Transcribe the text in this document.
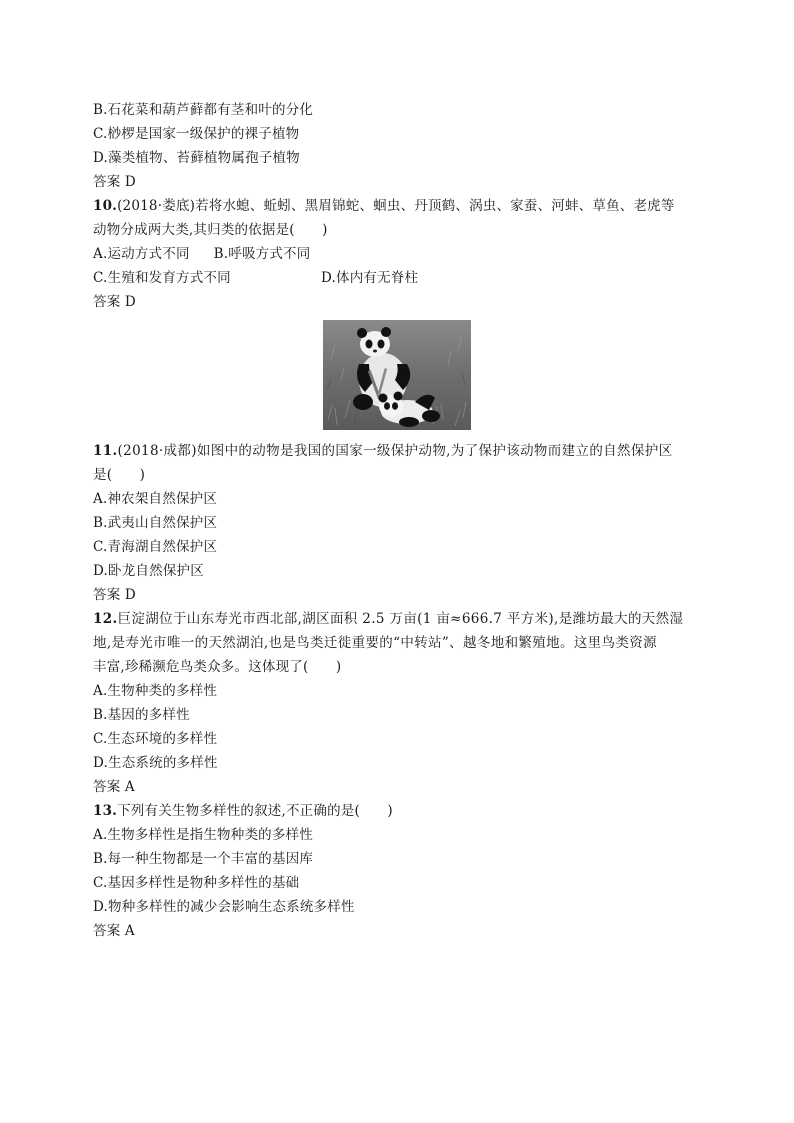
B.石花菜和葫芦藓都有茎和叶的分化
C.桫椤是国家一级保护的裸子植物
D.藻类植物、苔藓植物属孢子植物
答案 D
10.(2018·娄底)若将水螅、蚯蚓、黑眉锦蛇、蛔虫、丹顶鹤、涡虫、家蚕、河蚌、草鱼、老虎等
动物分成两大类,其归类的依据是(　　)
A.运动方式不同 B.呼吸方式不同
C.生殖和发育方式不同	D.体内有无脊柱
答案 D
11.(2018·成都)如图中的动物是我国的国家一级保护动物,为了保护该动物而建立的自然保护区
是(　　)
A.神农架自然保护区
B.武夷山自然保护区
C.青海湖自然保护区
D.卧龙自然保护区
答案 D
12.巨淀湖位于山东寿光市西北部,湖区面积 2.5 万亩(1 亩≈666.7 平方米),是潍坊最大的天然湿
地,是寿光市唯一的天然湖泊,也是鸟类迁徙重要的“中转站”、越冬地和繁殖地。这里鸟类资源
丰富,珍稀濒危鸟类众多。这体现了(　　)
A.生物种类的多样性
B.基因的多样性
C.生态环境的多样性
D.生态系统的多样性
答案 A
13.下列有关生物多样性的叙述,不正确的是(　　)
A.生物多样性是指生物种类的多样性
B.每一种生物都是一个丰富的基因库
C.基因多样性是物种多样性的基础
D.物种多样性的减少会影响生态系统多样性
答案 A
